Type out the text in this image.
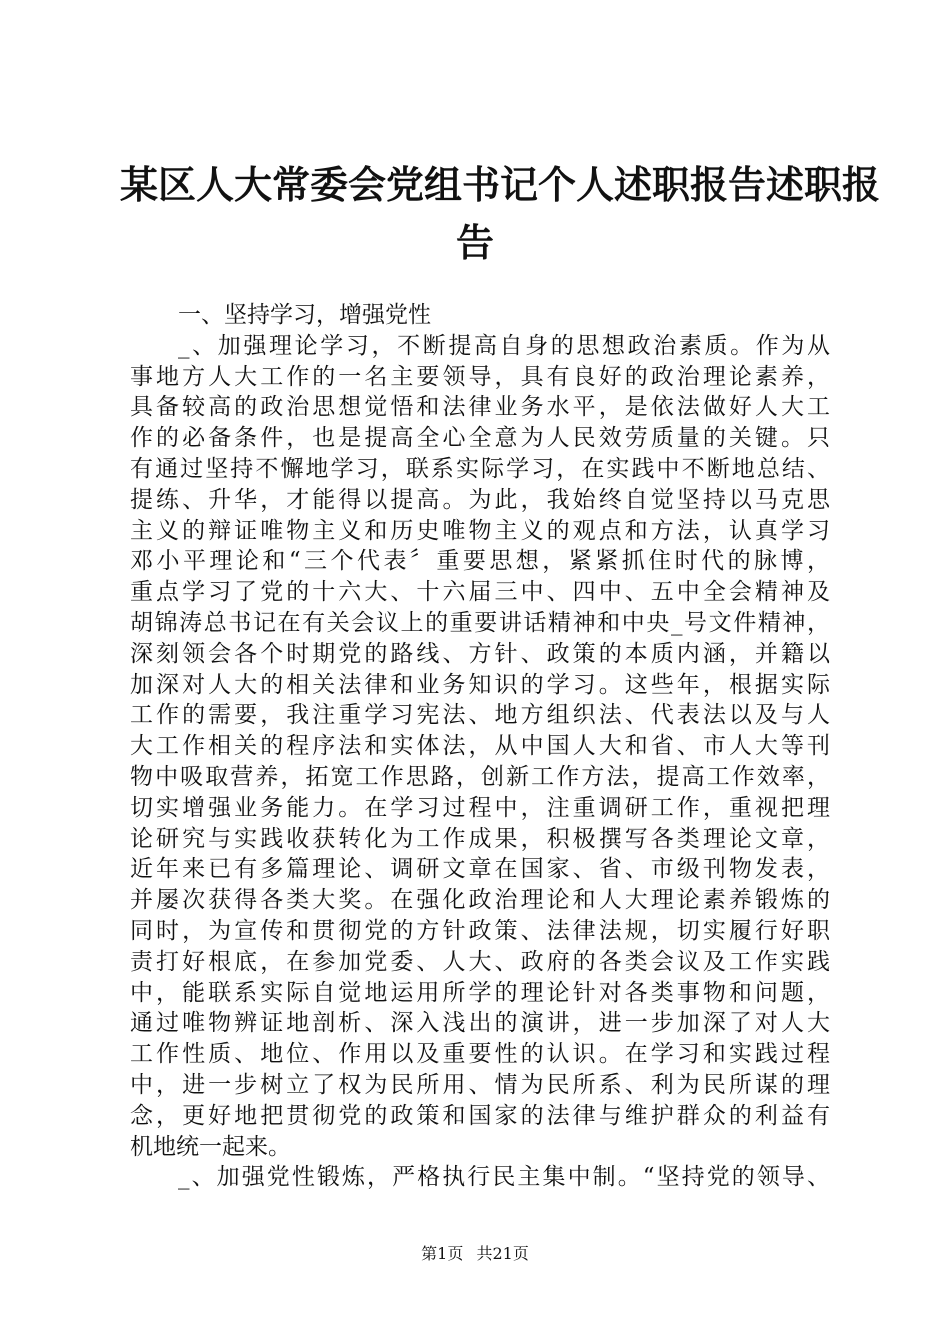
某区人大常委会党组书记个人述职报告述职报
告
一、坚持学习，增强党性
_、加强理论学习，不断提高自身的思想政治素质。作为从
事地方人大工作的一名主要领导，具有良好的政治理论素养，
具备较高的政治思想觉悟和法律业务水平，是依法做好人大工
作的必备条件，也是提高全心全意为人民效劳质量的关键。只
有通过坚持不懈地学习，联系实际学习，在实践中不断地总结、
提练、升华，才能得以提高。为此，我始终自觉坚持以马克思
主义的辩证唯物主义和历史唯物主义的观点和方法，认真学习
邓小平理论和“三个代表〞重要思想，紧紧抓住时代的脉博，
重点学习了党的十六大、十六届三中、四中、五中全会精神及
胡锦涛总书记在有关会议上的重要讲话精神和中央_号文件精神，
深刻领会各个时期党的路线、方针、政策的本质内涵，并籍以
加深对人大的相关法律和业务知识的学习。这些年，根据实际
工作的需要，我注重学习宪法、地方组织法、代表法以及与人
大工作相关的程序法和实体法，从中国人大和省、市人大等刊
物中吸取营养，拓宽工作思路，创新工作方法，提高工作效率，
切实增强业务能力。在学习过程中，注重调研工作，重视把理
论研究与实践收获转化为工作成果，积极撰写各类理论文章，
近年来已有多篇理论、调研文章在国家、省、市级刊物发表，
并屡次获得各类大奖。在强化政治理论和人大理论素养锻炼的
同时，为宣传和贯彻党的方针政策、法律法规，切实履行好职
责打好根底，在参加党委、人大、政府的各类会议及工作实践
中，能联系实际自觉地运用所学的理论针对各类事物和问题，
通过唯物辨证地剖析、深入浅出的演讲，进一步加深了对人大
工作性质、地位、作用以及重要性的认识。在学习和实践过程
中，进一步树立了权为民所用、情为民所系、利为民所谋的理
念，更好地把贯彻党的政策和国家的法律与维护群众的利益有
机地统一起来。
_、加强党性锻炼，严格执行民主集中制。“坚持党的领导、
第1页 共21页
